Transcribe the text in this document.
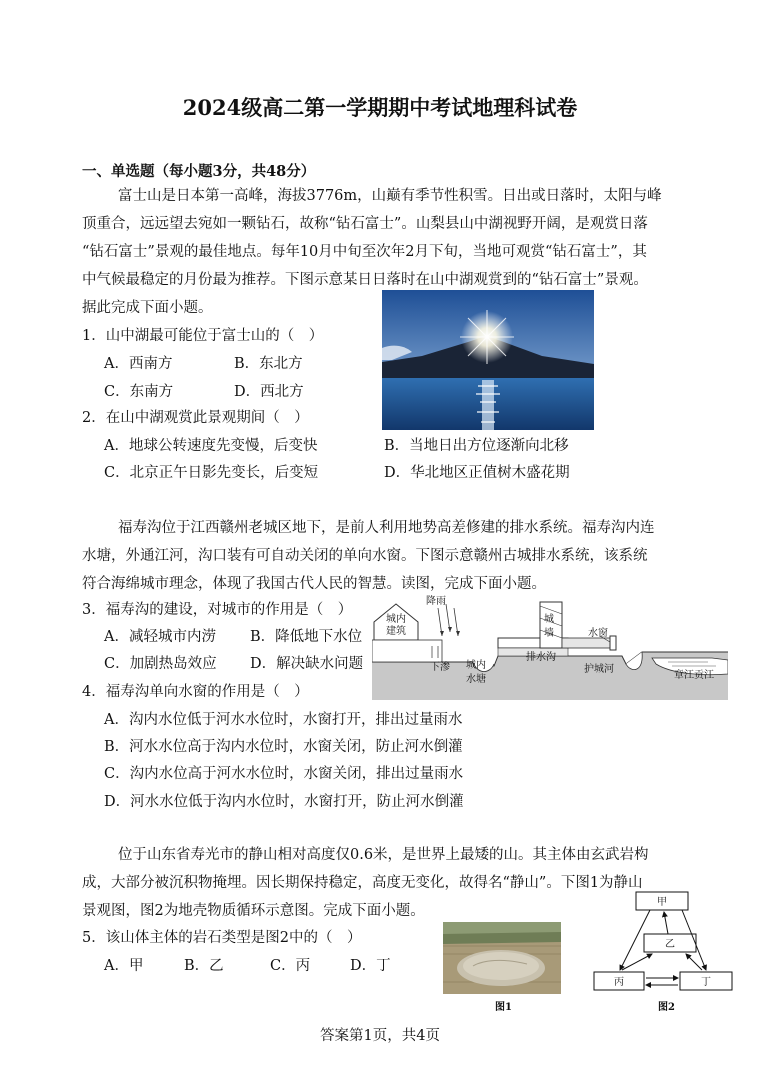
2024级高二第一学期期中考试地理科试卷
一、单选题（每小题3分，共48分）
富士山是日本第一高峰，海拔3776m，山巅有季节性积雪。日出或日落时，太阳与峰
顶重合，远远望去宛如一颗钻石，故称“钻石富士”。山梨县山中湖视野开阔，是观赏日落
“钻石富士”景观的最佳地点。每年10月中旬至次年2月下旬，当地可观赏“钻石富士”，其
中气候最稳定的月份最为推荐。下图示意某日日落时在山中湖观赏到的“钻石富士”景观。
据此完成下面小题。
1．山中湖最可能位于富士山的（　）
A．西南方	B．东北方
C．东南方	D．西北方
2．在山中湖观赏此景观期间（　）
A．地球公转速度先变慢，后变快	B．当地日出方位逐渐向北移
C．北京正午日影先变长，后变短	D．华北地区正值树木盛花期
福寿沟位于江西赣州老城区地下，是前人利用地势高差修建的排水系统。福寿沟内连
水塘，外通江河，沟口装有可自动关闭的单向水窗。下图示意赣州古城排水系统，该系统
符合海绵城市理念，体现了我国古代人民的智慧。读图，完成下面小题。
3．福寿沟的建设，对城市的作用是（　）
A．减轻城市内涝 B．降低地下水位
C．加剧热岛效应 D．解决缺水问题
降雨
城内
建筑
下渗 城内
水塘
排水沟
城
墙	水窗
护城河
章江贡江
4．福寿沟单向水窗的作用是（　）
A．沟内水位低于河水水位时，水窗打开，排出过量雨水
B．河水水位高于沟内水位时，水窗关闭，防止河水倒灌
C．沟内水位高于河水水位时，水窗关闭，排出过量雨水
D．河水水位低于沟内水位时，水窗打开，防止河水倒灌
位于山东省寿光市的静山相对高度仅0.6米，是世界上最矮的山。其主体由玄武岩构
成，大部分被沉积物掩埋。因长期保持稳定，高度无变化，故得名“静山”。下图1为静山
景观图，图2为地壳物质循环示意图。完成下面小题。
5．该山体主体的岩石类型是图2中的（　）
A．甲	B．乙	C．丙	D．丁
图1
甲
乙
丙	丁
图2
答案第1页，共4页
